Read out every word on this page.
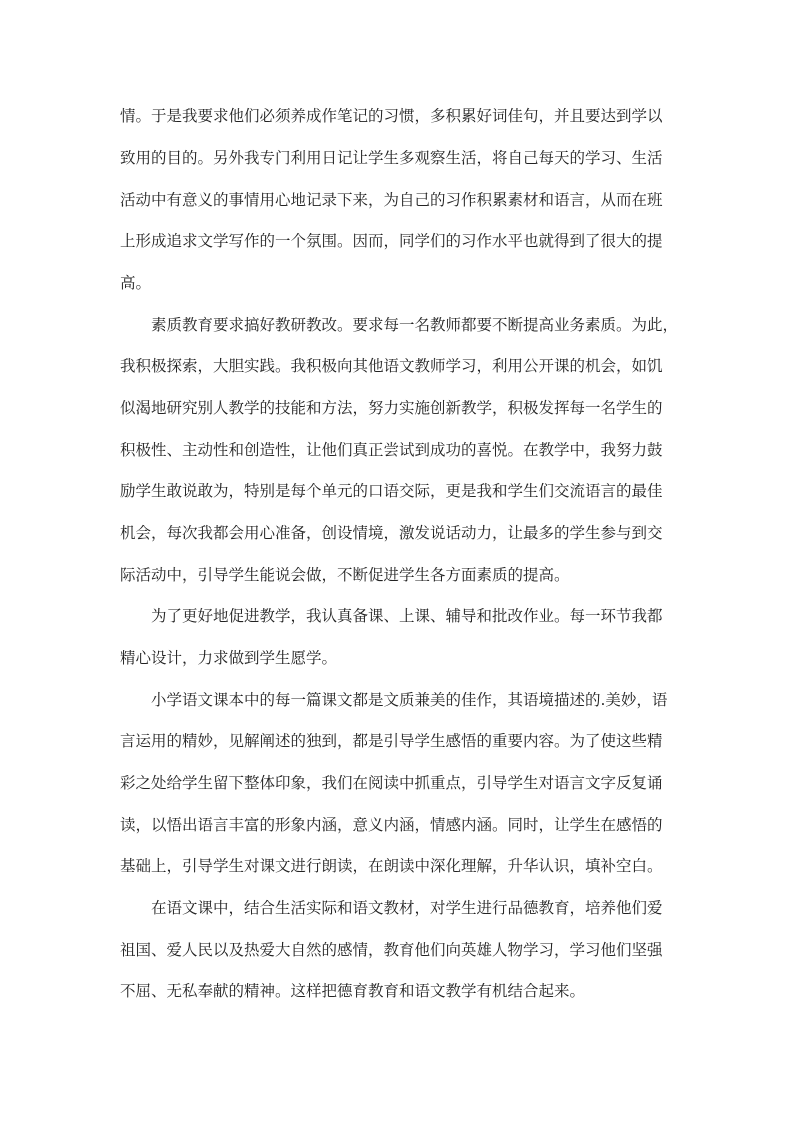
情。于是我要求他们必须养成作笔记的习惯，多积累好词佳句，并且要达到学以

致用的目的。另外我专门利用日记让学生多观察生活，将自己每天的学习、生活

活动中有意义的事情用心地记录下来，为自己的习作积累素材和语言，从而在班

上形成追求文学写作的一个氛围。因而，同学们的习作水平也就得到了很大的提

高。

素质教育要求搞好教研教改。要求每一名教师都要不断提高业务素质。为此，

我积极探索，大胆实践。我积极向其他语文教师学习，利用公开课的机会，如饥

似渴地研究别人教学的技能和方法，努力实施创新教学，积极发挥每一名学生的

积极性、主动性和创造性，让他们真正尝试到成功的喜悦。在教学中，我努力鼓

励学生敢说敢为，特别是每个单元的口语交际，更是我和学生们交流语言的最佳

机会，每次我都会用心准备，创设情境，激发说话动力，让最多的学生参与到交

际活动中，引导学生能说会做，不断促进学生各方面素质的提高。

为了更好地促进教学，我认真备课、上课、辅导和批改作业。每一环节我都

精心设计，力求做到学生愿学。

小学语文课本中的每一篇课文都是文质兼美的佳作，其语境描述的.美妙，语

言运用的精妙，见解阐述的独到，都是引导学生感悟的重要内容。为了使这些精

彩之处给学生留下整体印象，我们在阅读中抓重点，引导学生对语言文字反复诵

读，以悟出语言丰富的形象内涵，意义内涵，情感内涵。同时，让学生在感悟的

基础上，引导学生对课文进行朗读，在朗读中深化理解，升华认识，填补空白。

在语文课中，结合生活实际和语文教材，对学生进行品德教育，培养他们爱

祖国、爱人民以及热爱大自然的感情，教育他们向英雄人物学习，学习他们坚强

不屈、无私奉献的精神。这样把德育教育和语文教学有机结合起来。
